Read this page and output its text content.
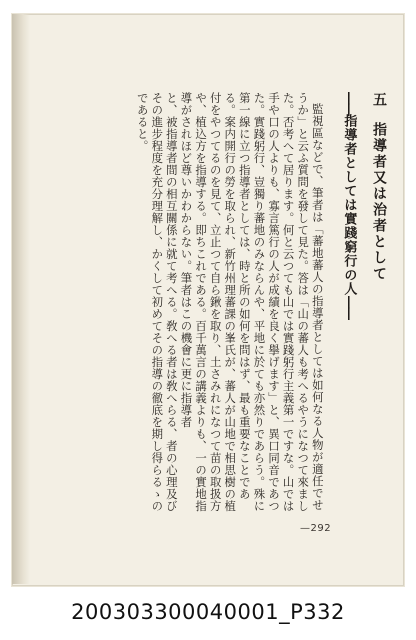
五指導者又は治者として
――指導者としては實踐窮行の人――

監視區などで、筆者は「蕃地蕃人の指導者としては如何なる人物が適任でせうか」と云ふ質問を發して見た。答は「山の蕃人も考へるやうになつて來ました。否考へて居ります。何と云つても山では實踐躬行主義第一ですな。山では手や口の人よりも、寡言篤行の人が成績を良く擧げます」と、異口同音であつた。實踐躬行、豈獨り蕃地のみならんや、平地に於ても亦然りであらう。殊に第一線に立つ指導者としては、時と所の如何を問はず、最も重要なことである。案内開行の勞を取られ、新竹州理蕃課の峯氏が、蕃人が山地で相思樹の植付をやつてるのを見て、立止つて自ら鍬を取り、土さみれになつて苗の取扱方や、植込方を指導する。即ちこれである。百千萬言の講義よりも、一の實地指導がされほど尊いかわからない。筆者はこの機會に更に指導者

と、被指導者間の相互關係に就て考へる。敎へる者は敎へらる、者の心理及びその進步程度を充分理解し、かくして初めてその指導の徹底を期し得らるゝのであると。

—292
200303300040001_P332
